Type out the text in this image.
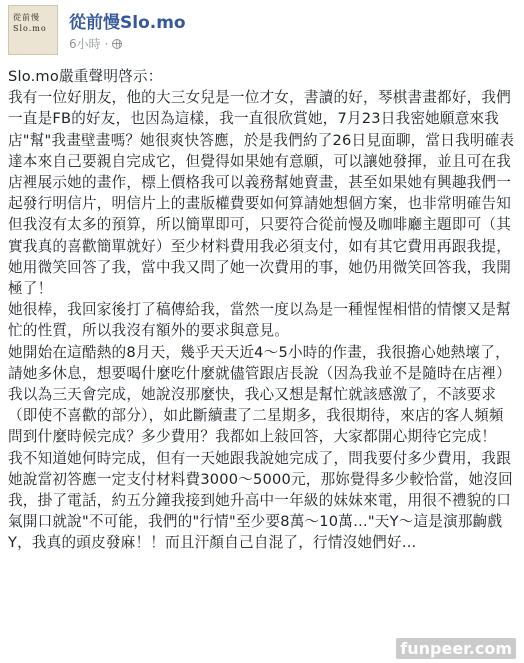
從前慢
Slo.mo	從前慢Slo.mo
6小時 ·

Slo.mo嚴重聲明啓示：

我有一位好朋友，他的大三女兒是一位才女，書讀的好，琴棋書畫都好，我們一直是FB的好友，也因為這樣，我一直很欣賞她，7月23日我密她願意來我店"幫"我畫壁畫嗎？她很爽快答應，於是我們約了26日見面聊，當日我明確表達本來自己要親自完成它，但覺得如果她有意願，可以讓她發揮，並且可在我店裡展示她的畫作，標上價格我可以義務幫她賣畫，甚至如果她有興趣我們一起發行明信片，明信片上的畫版權費要如何算請她想個方案，也非常明確告知但我沒有太多的預算，所以簡單即可，只要符合從前慢及咖啡廳主題即可（其實我真的喜歡簡單就好）至少材料費用我必須支付，如有其它費用再跟我提，她用微笑回答了我，當中我又問了她一次費用的事，她仍用微笑回答我，我開極了！

她很棒，我回家後打了稿傳給我，當然一度以為是一種惺惺相惜的情懷又是幫忙的性質，所以我沒有額外的要求與意見。

她開始在這酷熱的8月天，幾乎天天近4～5小時的作畫，我很擔心她熱壞了，請她多休息，想要喝什麼吃什麼就儘管跟店長說（因為我並不是隨時在店裡）

我以為三天會完成，她說沒那麼快，我心又想是幫忙就該感激了，不該要求（即使不喜歡的部分），如此斷續畫了二星期多，我很期待，來店的客人頻頻問到什麼時候完成？多少費用？我都如上敍回答，大家都開心期待它完成！

我不知道她何時完成，但有一天她跟我說她完成了，問我要付多少費用，我跟她說當初答應一定支付材料費3000～5000元，那妳覺得多少較恰當，她沒回我，掛了電話，約五分鐘我接到她升高中一年級的妹妹來電，用很不禮貌的口氣開口就說"不可能，我們的"行情"至少要8萬～10萬…"天Y～這是演那齣戲Y，我真的頭皮發麻！！而且汗顏自己自混了，行情沒她們好…

funpeer.com
